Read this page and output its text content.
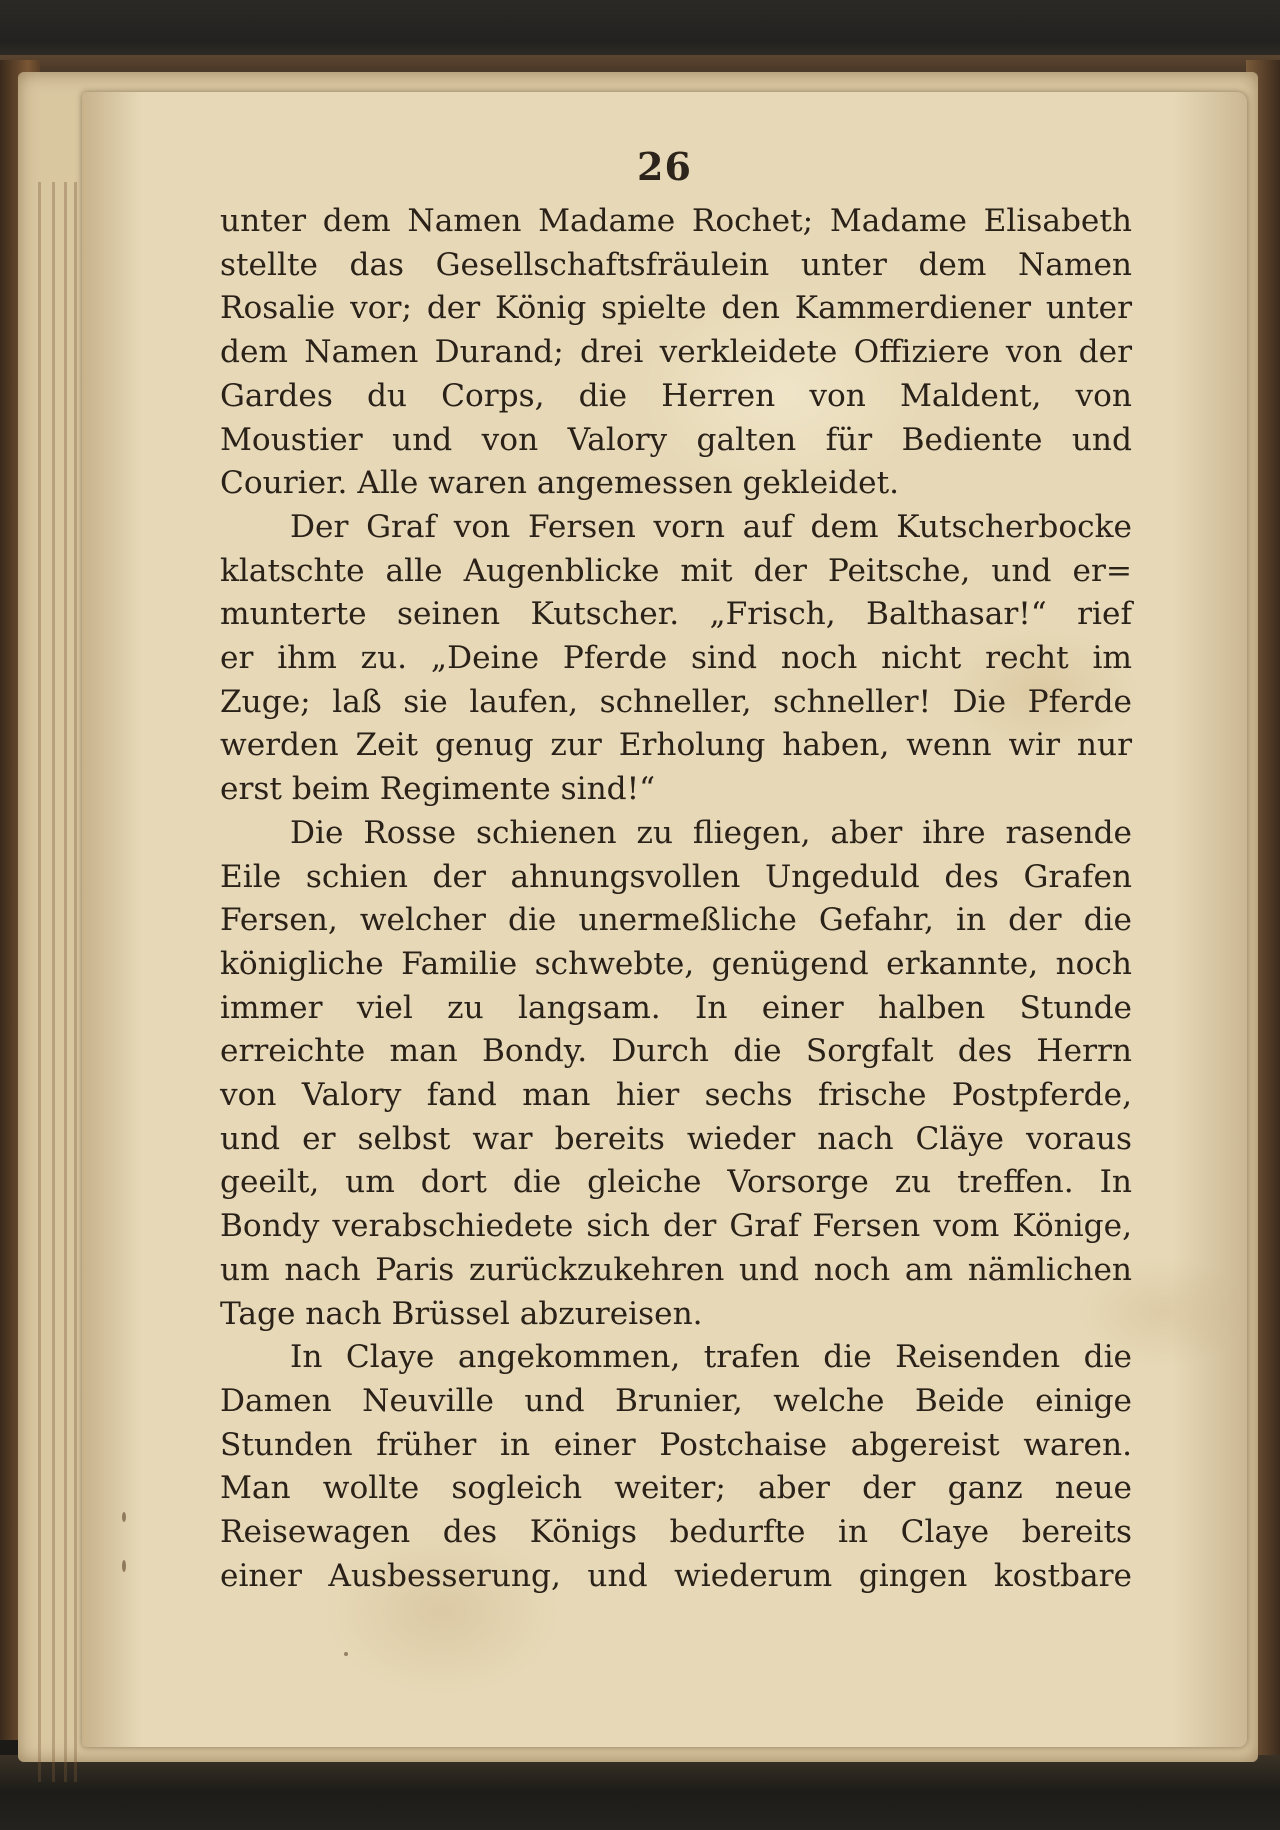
26
unter dem Namen Madame Rochet; Madame Elisabeth
stellte das Gesellschaftsfräulein unter dem Namen
Rosalie vor; der König spielte den Kammerdiener unter
dem Namen Durand; drei verkleidete Offiziere von der
Gardes du Corps, die Herren von Maldent, von
Moustier und von Valory galten für Bediente und
Courier. Alle waren angemessen gekleidet.
Der Graf von Fersen vorn auf dem Kutscherbocke
klatschte alle Augenblicke mit der Peitsche, und er=
munterte seinen Kutscher. „Frisch, Balthasar!“ rief
er ihm zu. „Deine Pferde sind noch nicht recht im
Zuge; laß sie laufen, schneller, schneller! Die Pferde
werden Zeit genug zur Erholung haben, wenn wir nur
erst beim Regimente sind!“
Die Rosse schienen zu fliegen, aber ihre rasende
Eile schien der ahnungsvollen Ungeduld des Grafen
Fersen, welcher die unermeßliche Gefahr, in der die
königliche Familie schwebte, genügend erkannte, noch
immer viel zu langsam. In einer halben Stunde
erreichte man Bondy. Durch die Sorgfalt des Herrn
von Valory fand man hier sechs frische Postpferde,
und er selbst war bereits wieder nach Cläye voraus
geeilt, um dort die gleiche Vorsorge zu treffen. In
Bondy verabschiedete sich der Graf Fersen vom Könige,
um nach Paris zurückzukehren und noch am nämlichen
Tage nach Brüssel abzureisen.
In Claye angekommen, trafen die Reisenden die
Damen Neuville und Brunier, welche Beide einige
Stunden früher in einer Postchaise abgereist waren.
Man wollte sogleich weiter; aber der ganz neue
Reisewagen des Königs bedurfte in Claye bereits
einer Ausbesserung, und wiederum gingen kostbare
